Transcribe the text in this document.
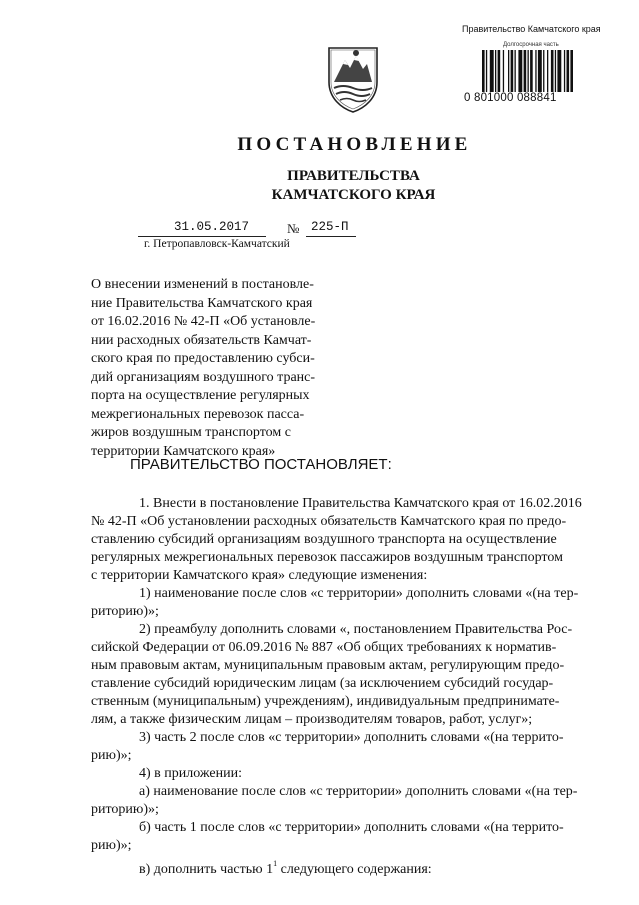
Правительство Камчатского края
Долгосрочная часть
0 801000 088841
ПОСТАНОВЛЕНИЕ
ПРАВИТЕЛЬСТВА
КАМЧАТСКОГО КРАЯ
31.05.2017	№ 225-П
г. Петропавловск-Камчатский
О внесении изменений в постановле-
ние Правительства Камчатского края
от 16.02.2016 № 42-П «Об установле-
нии расходных обязательств Камчат-
ского края по предоставлению субси-
дий организациям воздушного транс-
порта на осуществление регулярных
межрегиональных перевозок пасса-
жиров воздушным транспортом с
территории Камчатского края»
ПРАВИТЕЛЬСТВО ПОСТАНОВЛЯЕТ:
1. Внести в постановление Правительства Камчатского края от 16.02.2016
№ 42-П «Об установлении расходных обязательств Камчатского края по предо-
ставлению субсидий организациям воздушного транспорта на осуществление
регулярных межрегиональных перевозок пассажиров воздушным транспортом
с территории Камчатского края» следующие изменения:
1) наименование после слов «с территории» дополнить словами «(на тер-
риторию)»;
2) преамбулу дополнить словами «, постановлением Правительства Рос-
сийской Федерации от 06.09.2016 № 887 «Об общих требованиях к норматив-
ным правовым актам, муниципальным правовым актам, регулирующим предо-
ставление субсидий юридическим лицам (за исключением субсидий государ-
ственным (муниципальным) учреждениям), индивидуальным предпринимате-
лям, а также физическим лицам – производителям товаров, работ, услуг»;
3) часть 2 после слов «с территории» дополнить словами «(на террито-
рию)»;
4) в приложении:
а) наименование после слов «с территории» дополнить словами «(на тер-
риторию)»;
б) часть 1 после слов «с территории» дополнить словами «(на террито-
рию)»;
в) дополнить частью $1^1$ следующего содержания:
